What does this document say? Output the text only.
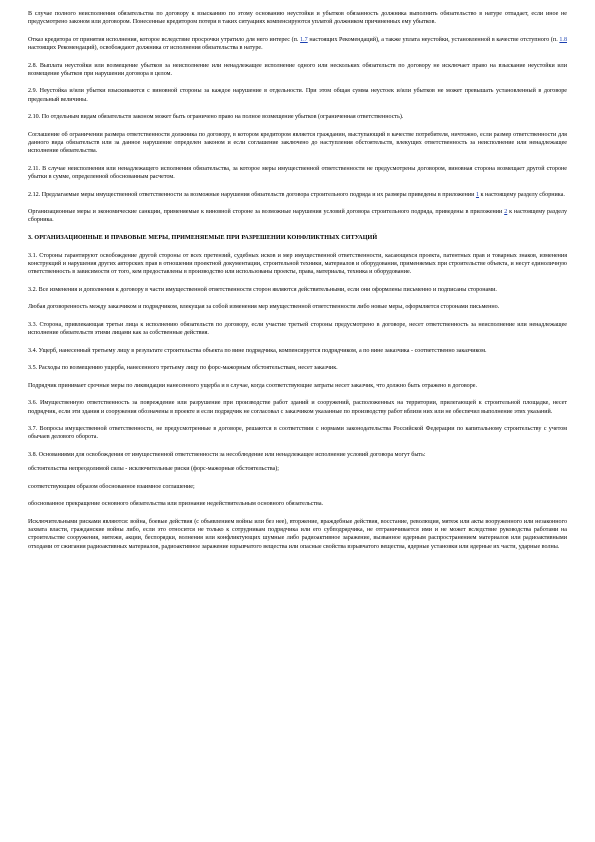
В случае полного неисполнения обязательства по договору к взысканию по этому основанию неустойки и убытков обязанность должника выполнить обязательство в натуре отпадает, если иное не предусмотрено законом или договором. Понесенные кредитором потери в таких ситуациях компенсируются уплатой должником причиненных ему убытков.

Отказ кредитора от принятия исполнения, которое вследствие просрочки утратило для него интерес (п. 1.7 настоящих Рекомендаций), а также уплата неустойки, установленной в качестве отступного (п. 1.8 настоящих Рекомендаций), освобождают должника от исполнения обязательства в натуре.

2.8. Выплата неустойки или возмещение убытков за неисполнение или ненадлежащее исполнение одного или нескольких обязательств по договору не исключает право на взыскание неустойки или возмещение убытков при нарушении договора в целом.

2.9. Неустойка и/или убытки взыскиваются с виновной стороны за каждое нарушение в отдельности. При этом общая сумма неустоек и/или убытков не может превышать установленный в договоре предельный величины.

2.10. По отдельным видам обязательств законом может быть ограничено право на полное возмещение убытков (ограниченная ответственность).

Соглашение об ограничении размера ответственности должника по договору, в котором кредитором является гражданин, выступающий в качестве потребителя, ничтожно, если размер ответственности для данного вида обязательств или за данное нарушение определен законом и если соглашение заключено до наступления обстоятельств, влекущих ответственность за неисполнение или ненадлежащее исполнение обязательства.

2.11. В случае неисполнения или ненадлежащего исполнения обязательства, за которое меры имущественной ответственности не предусмотрены договором, виновная сторона возмещает другой стороне убытки в сумме, определенной обоснованным расчетом.

2.12. Предлагаемые меры имущественной ответственности за возможные нарушения обязательств договора строительного подряда и их размеры приведены в приложении 1 к настоящему разделу сборника.

Организационные меры и экономические санкции, применяемые к виновной стороне за возможные нарушения условий договора строительного подряда, приведены в приложении 2 к настоящему разделу сборника.

3. ОРГАНИЗАЦИОННЫЕ И ПРАВОВЫЕ МЕРЫ, ПРИМЕНЯЕМЫЕ ПРИ РАЗРЕШЕНИИ КОНФЛИКТНЫХ СИТУАЦИЙ

3.1. Стороны гарантируют освобождение другой стороны от всех претензий, судебных исков и мер имущественной ответственности, касающихся проекта, патентных прав и товарных знаков, изменения конструкций и нарушения других авторских прав в отношении проектной документации, строительной техники, материалов и оборудования, применяемых при строительстве объекта, и несут единоличную ответственность в зависимости от того, кем предоставлены в производство или использованы проекты, права, материалы, техника и оборудование.

3.2. Все изменения и дополнения к договору в части имущественной ответственности сторон являются действительными, если они оформлены письменно и подписаны сторонами.

Любая договоренность между заказчиком и подрядчиком, влекущая за собой изменения мер имущественной ответственности либо новые меры, оформляется сторонами письменно.

3.3. Сторона, привлекающая третьи лица к исполнению обязательств по договору, если участие третьей стороны предусмотрено в договоре, несет ответственность за неисполнение или ненадлежащее исполнение обязательств этими лицами как за собственные действия.

3.4. Ущерб, нанесенный третьему лицу в результате строительства объекта по вине подрядчика, компенсируется подрядчиком, а по вине заказчика - соответственно заказчиком.

3.5. Расходы по возмещению ущерба, нанесенного третьему лицу по форс-мажорным обстоятельствам, несет заказчик.

Подрядчик принимает срочные меры по ликвидации нанесенного ущерба и в случае, когда соответствующие затраты несет заказчик, что должно быть отражено в договоре.

3.6. Имущественную ответственность за повреждение или разрушение при производстве работ зданий и сооружений, расположенных на территории, прилегающей к строительной площадке, несет подрядчик, если эти здания и сооружения обозначены в проекте и если подрядчик не согласовал с заказчиком указанные по производству работ вблизи них или не обеспечил выполнение этих указаний.

3.7. Вопросы имущественной ответственности, не предусмотренные в договоре, решаются в соответствии с нормами законодательства Российской Федерации по капитальному строительству с учетом обычаев делового оборота.

3.8. Основаниями для освобождения от имущественной ответственности за несоблюдение или ненадлежащее исполнение условий договора могут быть:

обстоятельства непреодолимой силы - исключительные риски (форс-мажорные обстоятельства);

соответствующим образом обоснованное взаимное соглашение;

обоснованное прекращение основного обязательства или признание недействительным основного обязательства.

Исключительными рисками являются: война, боевые действия (с объявлением войны или без нее), вторжение, враждебные действия, восстание, революция, мятеж или акты вооруженного или незаконного захвата власти, гражданские войны либо, если это относится не только к сотрудникам подрядчика или его субподрядчика, не отграничивается ими и не может вследствие руководства работами на строительстве сооружения, мятежи, акции, беспорядки, волнения или конфликтующих шумные либо радиоактивное заражение, вызванное ядерным распространением материалов или радиоактивными отходами от сжигания радиоактивных материалов, радиоактивное заражение взрывчатого вещества или опасные свойства взрывчатого вещества, ядерные установки или ядерные их части, ударные волны.
